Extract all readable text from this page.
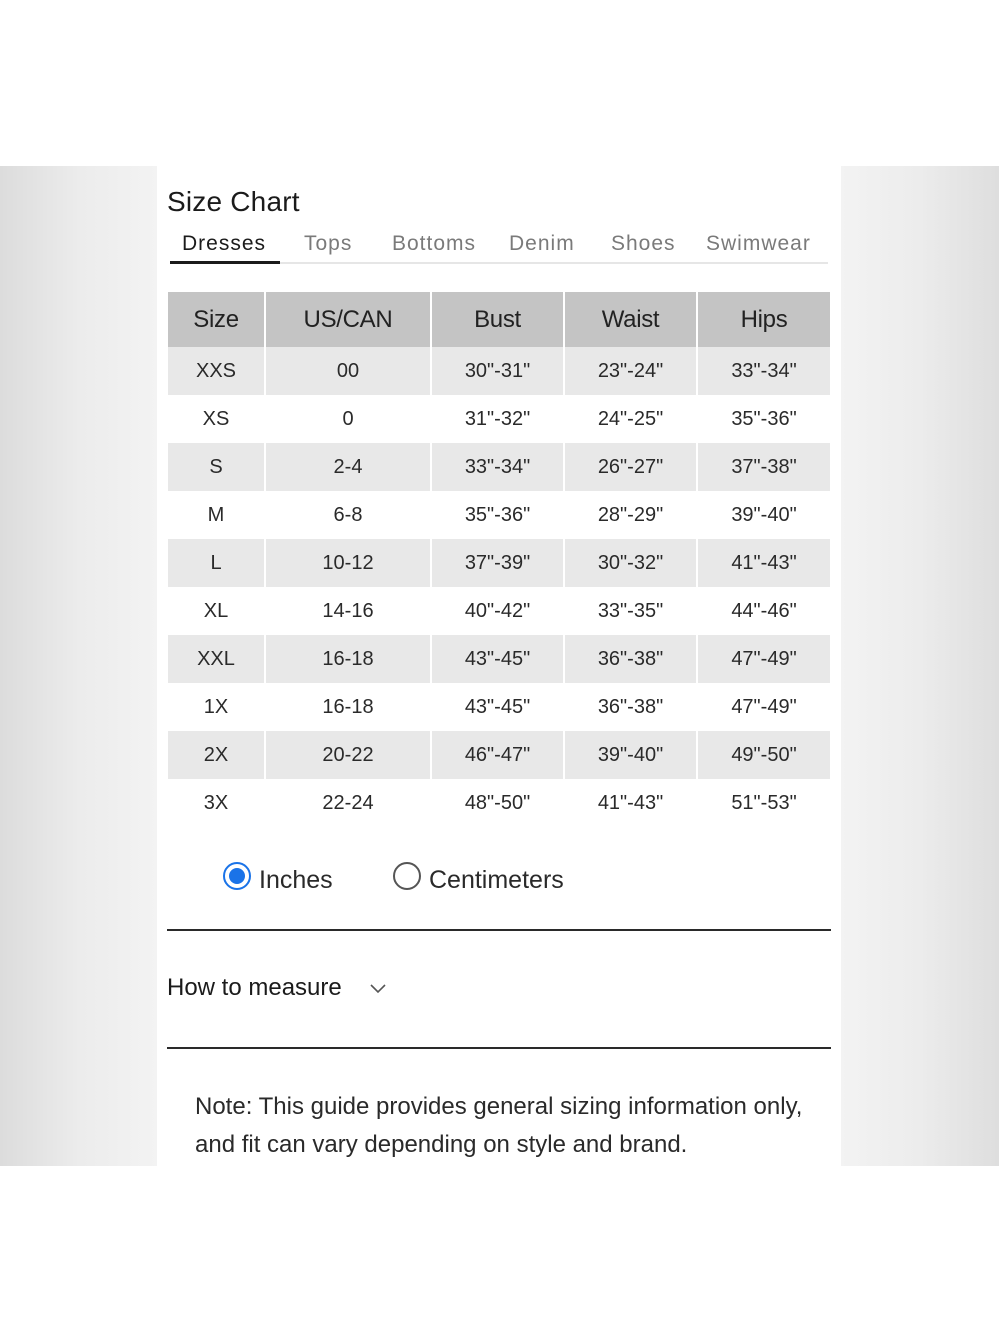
Size Chart
Dresses Tops Bottoms Denim Shoes Swimwear
Size	US/CAN	Bust	Waist	Hips
XXS	00	30"-31"	23"-24"	33"-34"
XS	0	31"-32"	24"-25"	35"-36"
S	2-4	33"-34"	26"-27"	37"-38"
M	6-8	35"-36"	28"-29"	39"-40"
L	10-12	37"-39"	30"-32"	41"-43"
XL	14-16	40"-42"	33"-35"	44"-46"
XXL	16-18	43"-45"	36"-38"	47"-49"
1X	16-18	43"-45"	36"-38"	47"-49"
2X	20-22	46"-47"	39"-40"	49"-50"
3X	22-24	48"-50"	41"-43"	51"-53"
Inches	Centimeters
How to measure
Note: This guide provides general sizing information only, and fit can vary depending on style and brand.
